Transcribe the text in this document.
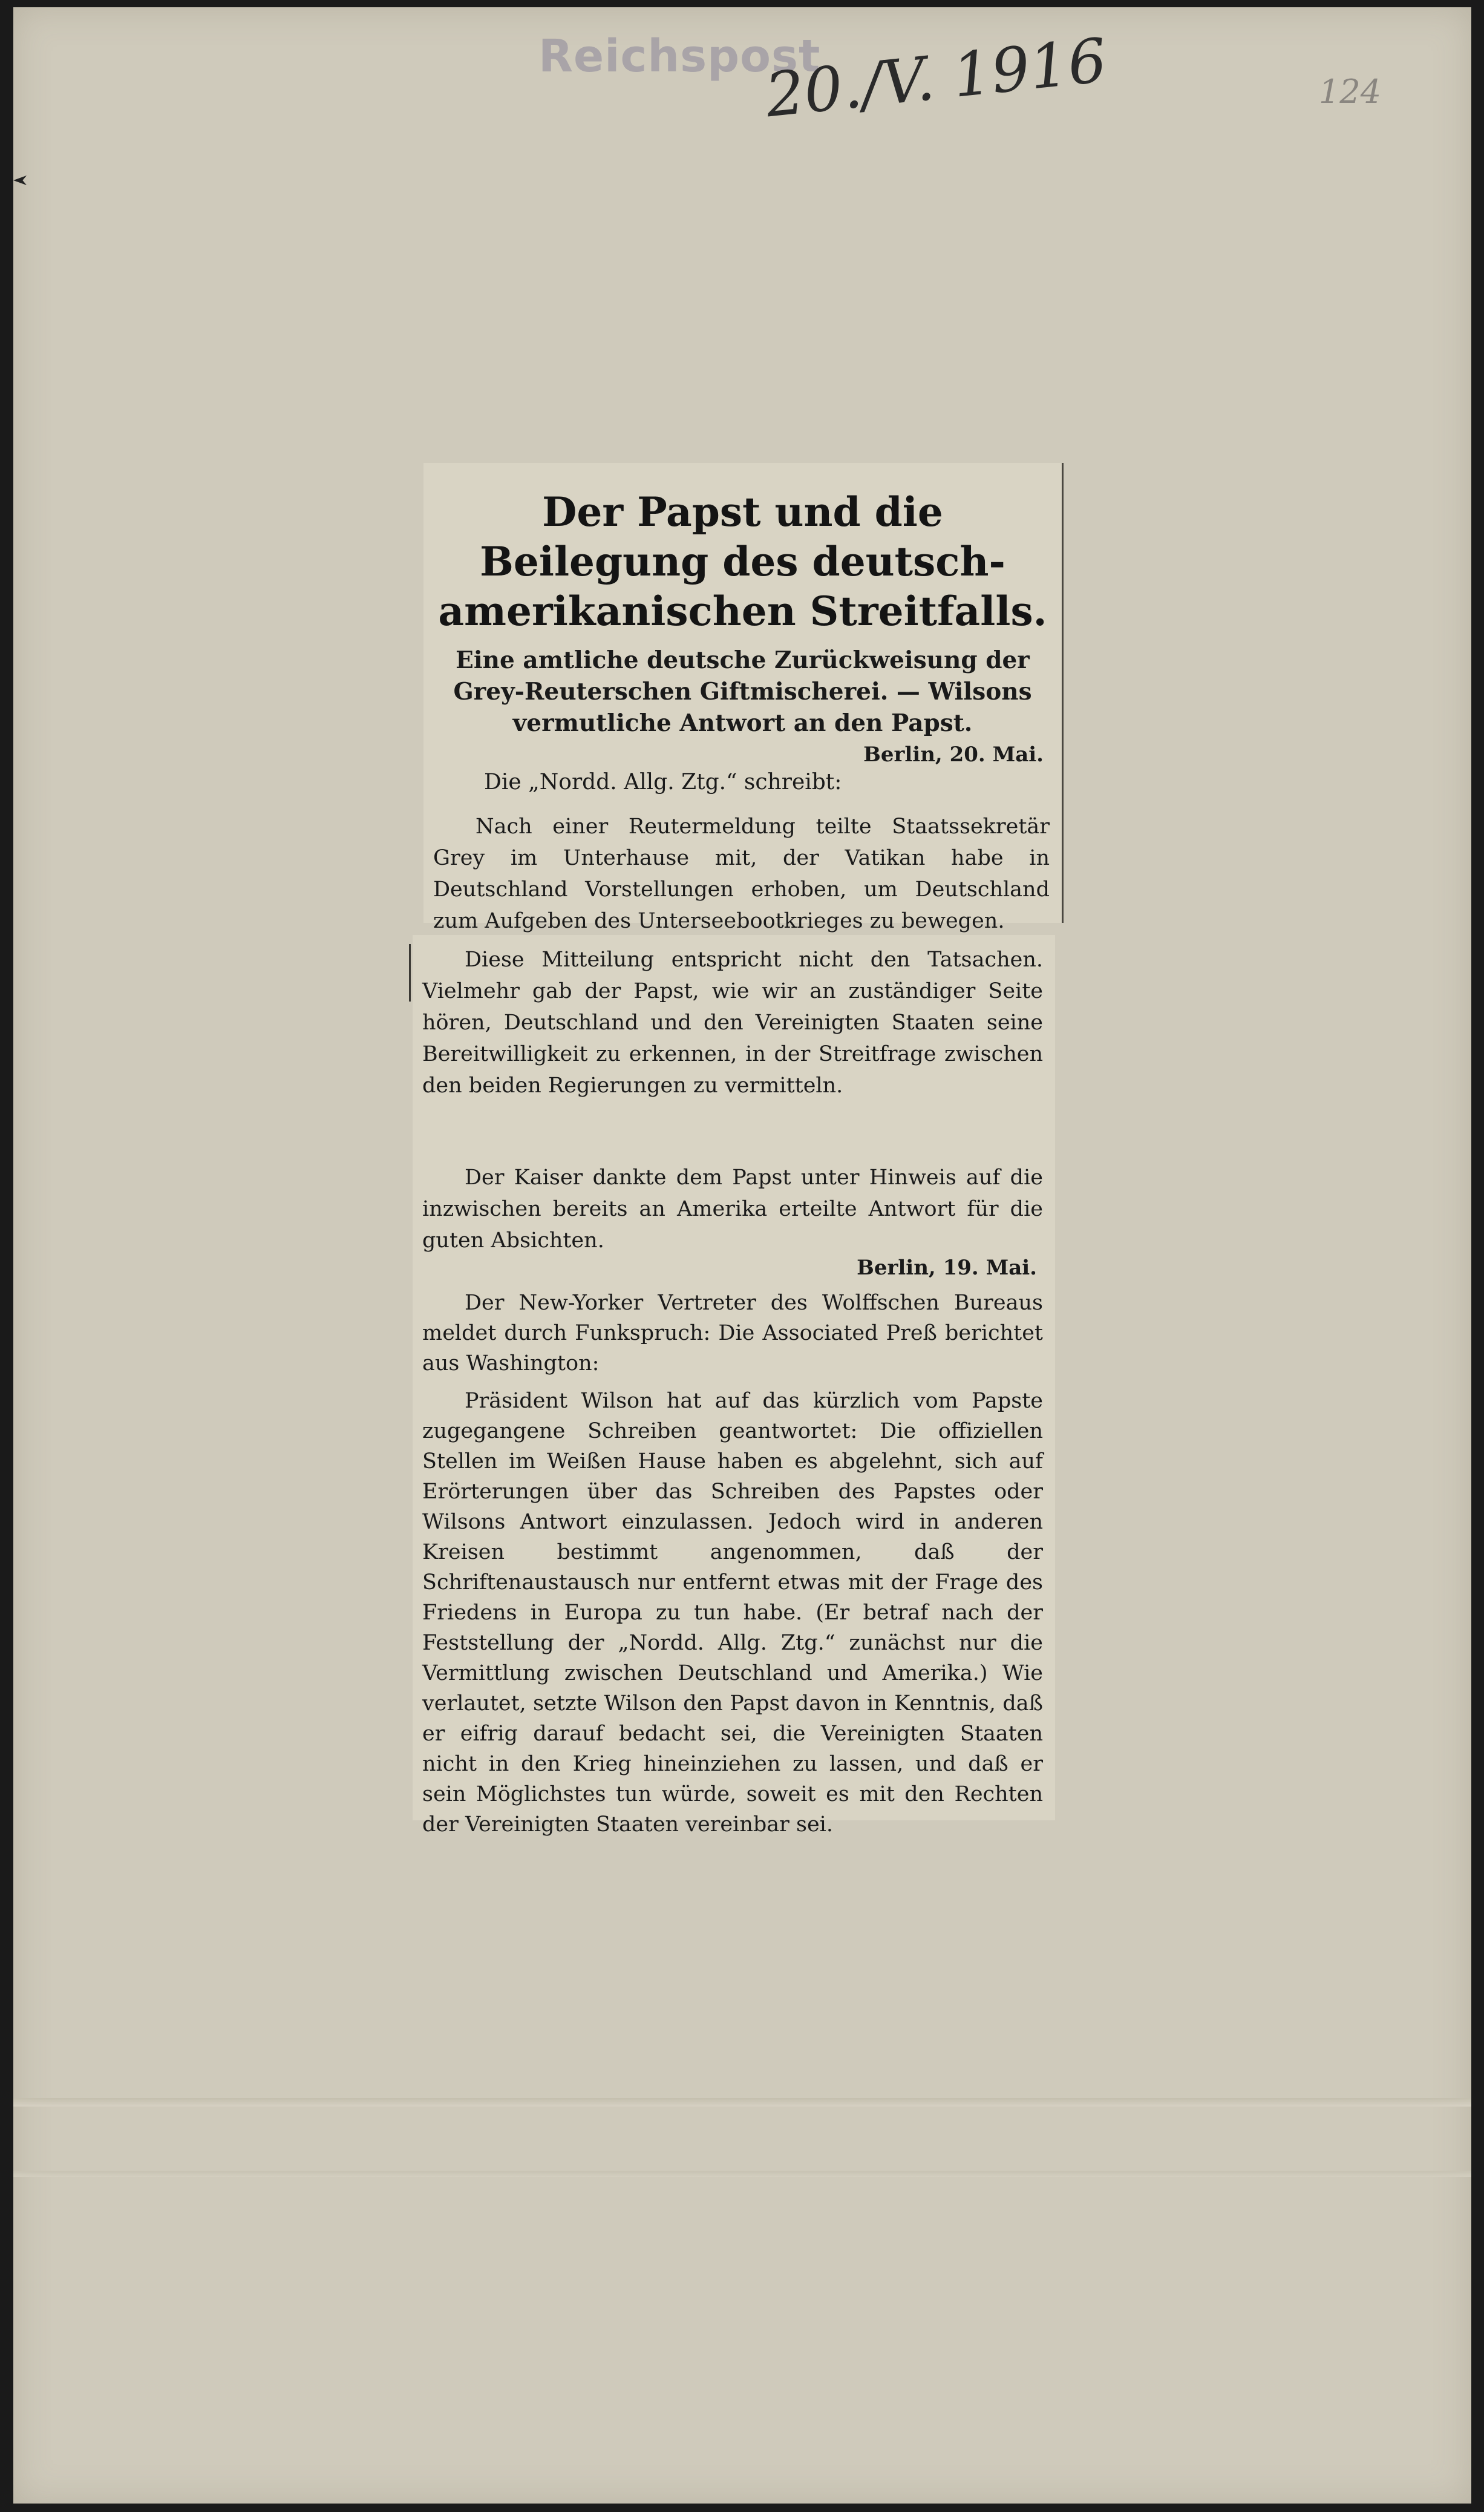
Reichspost
20./V. 1916	124
Der Papst und die Beilegung des deutsch-amerikanischen Streitfalls.
Eine amtliche deutsche Zurückweisung der Grey-Reuterschen Giftmischerei. — Wilsons vermutliche Antwort an den Papst.
Berlin, 20. Mai.
Die „Nordd. Allg. Ztg.“ schreibt:
Nach einer Reutermeldung teilte Staatssekretär Grey im Unterhause mit, der Vatikan habe in Deutschland Vorstellungen erhoben, um Deutschland zum Aufgeben des Unterseebootkrieges zu bewegen.
Diese Mitteilung entspricht nicht den Tatsachen. Vielmehr gab der Papst, wie wir an zuständiger Seite hören, Deutschland und den Vereinigten Staaten seine Bereitwilligkeit zu erkennen, in der Streitfrage zwischen den beiden Regierungen zu vermitteln.
Der Kaiser dankte dem Papst unter Hinweis auf die inzwischen bereits an Amerika erteilte Antwort für die guten Absichten.
Berlin, 19. Mai.
Der New-Yorker Vertreter des Wolffschen Bureaus meldet durch Funkspruch: Die Associated Preß berichtet aus Washington:
Präsident Wilson hat auf das kürzlich vom Papste zugegangene Schreiben geantwortet: Die offiziellen Stellen im Weißen Hause haben es abgelehnt, sich auf Erörterungen über das Schreiben des Papstes oder Wilsons Antwort einzulassen. Jedoch wird in anderen Kreisen bestimmt angenommen, daß der Schriftenaustausch nur entfernt etwas mit der Frage des Friedens in Europa zu tun habe. (Er betraf nach der Feststellung der „Nordd. Allg. Ztg.“ zunächst nur die Vermittlung zwischen Deutschland und Amerika.) Wie verlautet, setzte Wilson den Papst davon in Kenntnis, daß er eifrig darauf bedacht sei, die Vereinigten Staaten nicht in den Krieg hineinziehen zu lassen, und daß er sein Möglichstes tun würde, soweit es mit den Rechten der Vereinigten Staaten vereinbar sei.
